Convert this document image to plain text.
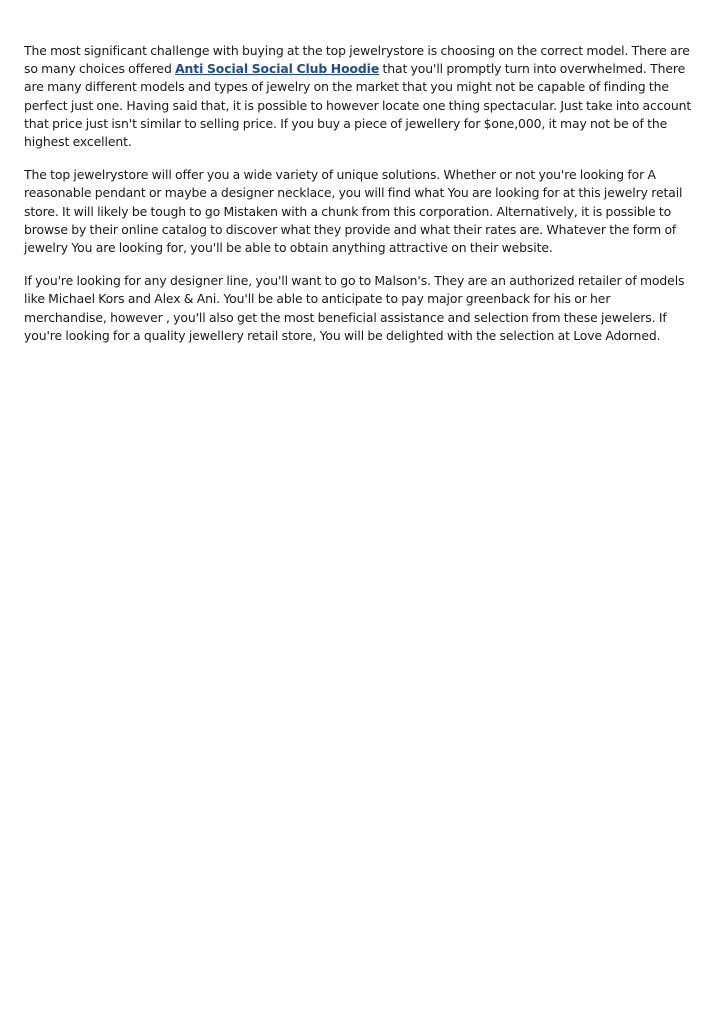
The most significant challenge with buying at the top jewelrystore is choosing on the correct model. There are so many choices offered Anti Social Social Club Hoodie that you'll promptly turn into overwhelmed. There are many different models and types of jewelry on the market that you might not be capable of finding the perfect just one. Having said that, it is possible to however locate one thing spectacular. Just take into account that price just isn't similar to selling price. If you buy a piece of jewellery for $one,000, it may not be of the highest excellent.

The top jewelrystore will offer you a wide variety of unique solutions. Whether or not you're looking for A reasonable pendant or maybe a designer necklace, you will find what You are looking for at this jewelry retail store. It will likely be tough to go Mistaken with a chunk from this corporation. Alternatively, it is possible to browse by their online catalog to discover what they provide and what their rates are. Whatever the form of jewelry You are looking for, you'll be able to obtain anything attractive on their website.

If you're looking for any designer line, you'll want to go to Malson's. They are an authorized retailer of models like Michael Kors and Alex & Ani. You'll be able to anticipate to pay major greenback for his or her merchandise, however , you'll also get the most beneficial assistance and selection from these jewelers. If you're looking for a quality jewellery retail store, You will be delighted with the selection at Love Adorned.
